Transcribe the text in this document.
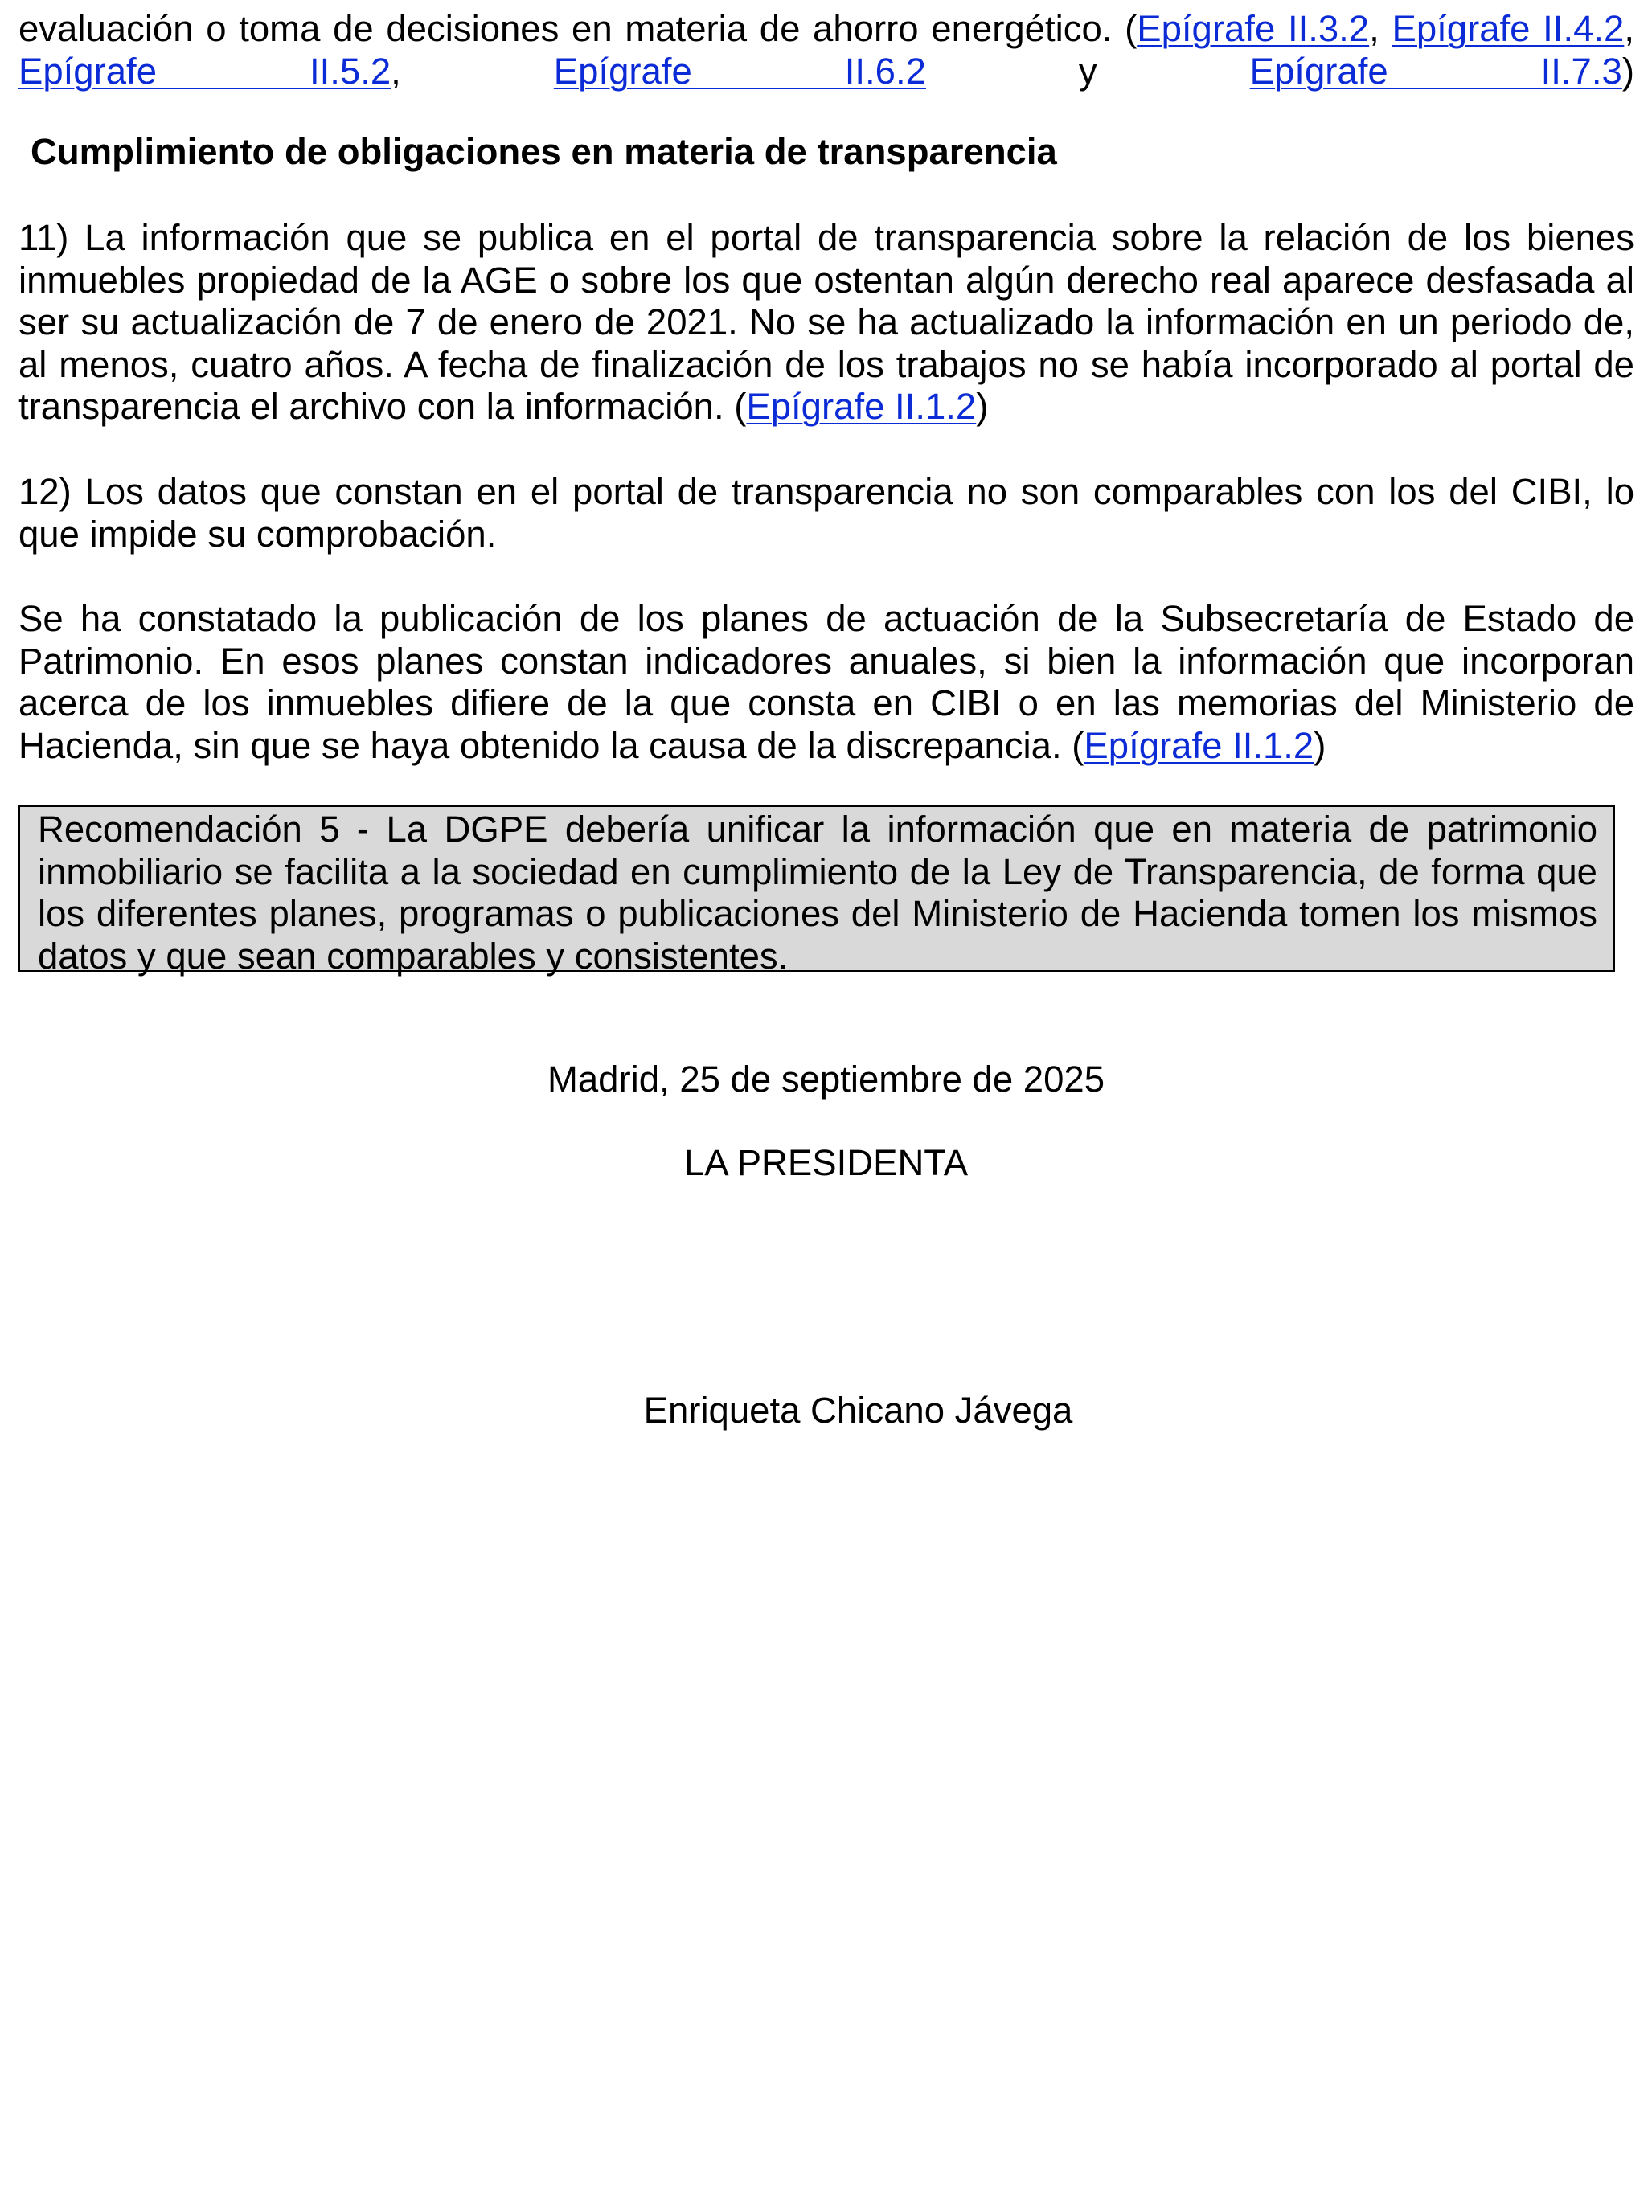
evaluación o toma de decisiones en materia de ahorro energético. (Epígrafe II.3.2, Epígrafe II.4.2,
Epígrafe II.5.2, Epígrafe II.6.2 y Epígrafe II.7.3)

Cumplimiento de obligaciones en materia de transparencia

11) La información que se publica en el portal de transparencia sobre la relación de los bienes inmuebles propiedad de la AGE o sobre los que ostentan algún derecho real aparece desfasada al ser su actualización de 7 de enero de 2021. No se ha actualizado la información en un periodo de, al menos, cuatro años. A fecha de finalización de los trabajos no se había incorporado al portal de transparencia el archivo con la información. (Epígrafe II.1.2)

12) Los datos que constan en el portal de transparencia no son comparables con los del CIBI, lo que impide su comprobación.

Se ha constatado la publicación de los planes de actuación de la Subsecretaría de Estado de Patrimonio. En esos planes constan indicadores anuales, si bien la información que incorporan acerca de los inmuebles difiere de la que consta en CIBI o en las memorias del Ministerio de Hacienda, sin que se haya obtenido la causa de la discrepancia. (Epígrafe II.1.2)

Recomendación 5 - La DGPE debería unificar la información que en materia de patrimonio inmobiliario se facilita a la sociedad en cumplimiento de la Ley de Transparencia, de forma que los diferentes planes, programas o publicaciones del Ministerio de Hacienda tomen los mismos datos y que sean comparables y consistentes.

Madrid, 25 de septiembre de 2025

LA PRESIDENTA

Enriqueta Chicano Jávega
